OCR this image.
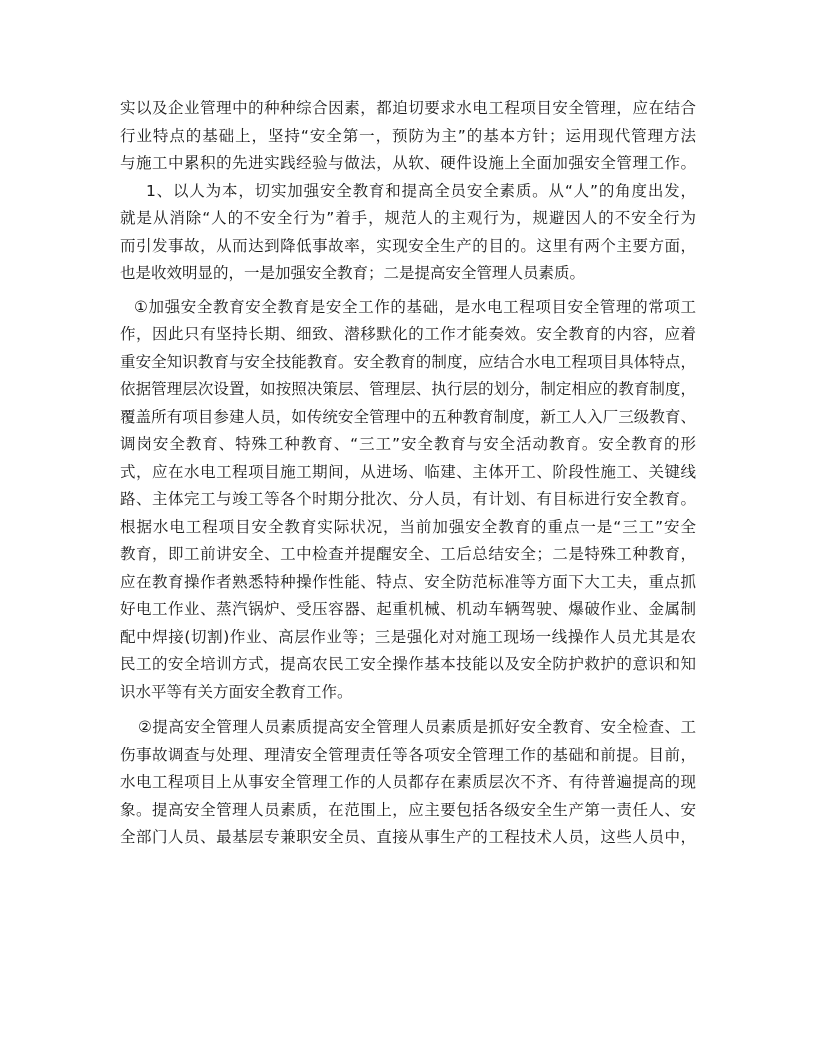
实以及企业管理中的种种综合因素，都迫切要求水电工程项目安全管理，应在结合
行业特点的基础上，坚持“安全第一，预防为主”的基本方针；运用现代管理方法
与施工中累积的先进实践经验与做法，从软、硬件设施上全面加强安全管理工作。
1、以人为本，切实加强安全教育和提高全员安全素质。从“人”的角度出发，
就是从消除“人的不安全行为”着手，规范人的主观行为，规避因人的不安全行为
而引发事故，从而达到降低事故率，实现安全生产的目的。这里有两个主要方面，
也是收效明显的，一是加强安全教育；二是提高安全管理人员素质。
①加强安全教育安全教育是安全工作的基础，是水电工程项目安全管理的常项工
作，因此只有坚持长期、细致、潜移默化的工作才能奏效。安全教育的内容，应着
重安全知识教育与安全技能教育。安全教育的制度，应结合水电工程项目具体特点，
依据管理层次设置，如按照决策层、管理层、执行层的划分，制定相应的教育制度，
覆盖所有项目参建人员，如传统安全管理中的五种教育制度，新工人入厂三级教育、
调岗安全教育、特殊工种教育、“三工”安全教育与安全活动教育。安全教育的形
式，应在水电工程项目施工期间，从进场、临建、主体开工、阶段性施工、关键线
路、主体完工与竣工等各个时期分批次、分人员，有计划、有目标进行安全教育。
根据水电工程项目安全教育实际状况，当前加强安全教育的重点一是“三工”安全
教育，即工前讲安全、工中检查并提醒安全、工后总结安全；二是特殊工种教育，
应在教育操作者熟悉特种操作性能、特点、安全防范标准等方面下大工夫，重点抓
好电工作业、蒸汽锅炉、受压容器、起重机械、机动车辆驾驶、爆破作业、金属制
配中焊接(切割)作业、高层作业等；三是强化对对施工现场一线操作人员尤其是农
民工的安全培训方式，提高农民工安全操作基本技能以及安全防护救护的意识和知
识水平等有关方面安全教育工作。
②提高安全管理人员素质提高安全管理人员素质是抓好安全教育、安全检查、工
伤事故调查与处理、理清安全管理责任等各项安全管理工作的基础和前提。目前，
水电工程项目上从事安全管理工作的人员都存在素质层次不齐、有待普遍提高的现
象。提高安全管理人员素质，在范围上，应主要包括各级安全生产第一责任人、安
全部门人员、最基层专兼职安全员、直接从事生产的工程技术人员，这些人员中，
